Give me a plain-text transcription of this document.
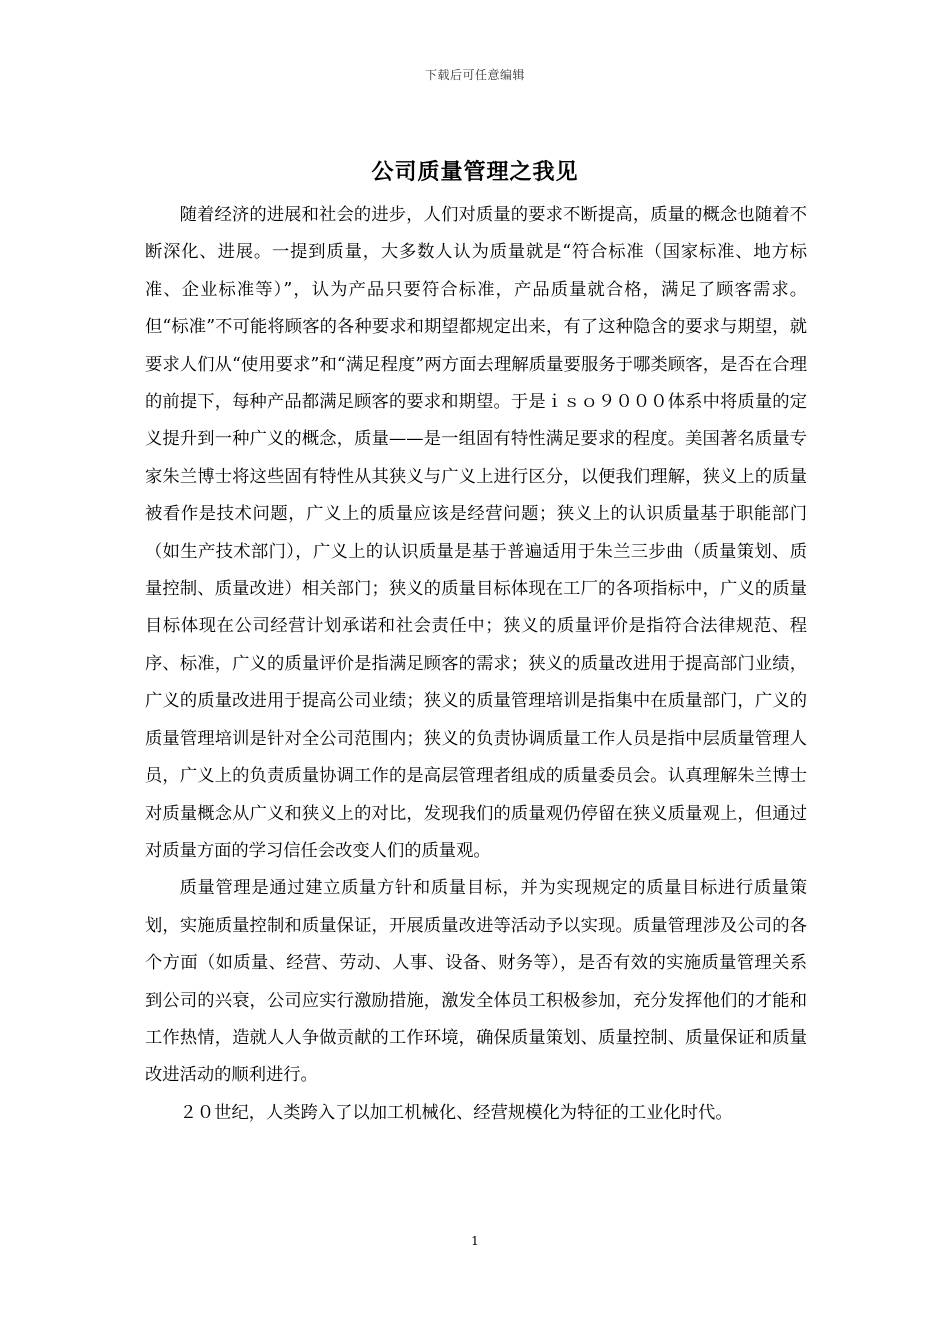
下载后可任意编辑
公司质量管理之我见

随着经济的进展和社会的进步，人们对质量的要求不断提高，质量的概念也随着不断深化、进展。一提到质量，大多数人认为质量就是“符合标准（国家标准、地方标准、企业标准等）”，认为产品只要符合标准，产品质量就合格，满足了顾客需求。但“标准”不可能将顾客的各种要求和期望都规定出来，有了这种隐含的要求与期望，就要求人们从“使用要求”和“满足程度”两方面去理解质量要服务于哪类顾客，是否在合理的前提下，每种产品都满足顾客的要求和期望。于是ｉｓｏ９０００体系中将质量的定义提升到一种广义的概念，质量——是一组固有特性满足要求的程度。美国著名质量专家朱兰博士将这些固有特性从其狭义与广义上进行区分，以便我们理解，狭义上的质量被看作是技术问题，广义上的质量应该是经营问题；狭义上的认识质量基于职能部门（如生产技术部门），广义上的认识质量是基于普遍适用于朱兰三步曲（质量策划、质量控制、质量改进）相关部门；狭义的质量目标体现在工厂的各项指标中，广义的质量目标体现在公司经营计划承诺和社会责任中；狭义的质量评价是指符合法律规范、程序、标准，广义的质量评价是指满足顾客的需求；狭义的质量改进用于提高部门业绩，广义的质量改进用于提高公司业绩；狭义的质量管理培训是指集中在质量部门，广义的质量管理培训是针对全公司范围内；狭义的负责协调质量工作人员是指中层质量管理人员，广义上的负责质量协调工作的是高层管理者组成的质量委员会。认真理解朱兰博士对质量概念从广义和狭义上的对比，发现我们的质量观仍停留在狭义质量观上，但通过对质量方面的学习信任会改变人们的质量观。

质量管理是通过建立质量方针和质量目标，并为实现规定的质量目标进行质量策划，实施质量控制和质量保证，开展质量改进等活动予以实现。质量管理涉及公司的各个方面（如质量、经营、劳动、人事、设备、财务等），是否有效的实施质量管理关系到公司的兴衰，公司应实行激励措施，激发全体员工积极参加，充分发挥他们的才能和工作热情，造就人人争做贡献的工作环境，确保质量策划、质量控制、质量保证和质量改进活动的顺利进行。

２０世纪，人类跨入了以加工机械化、经营规模化为特征的工业化时代。

1
